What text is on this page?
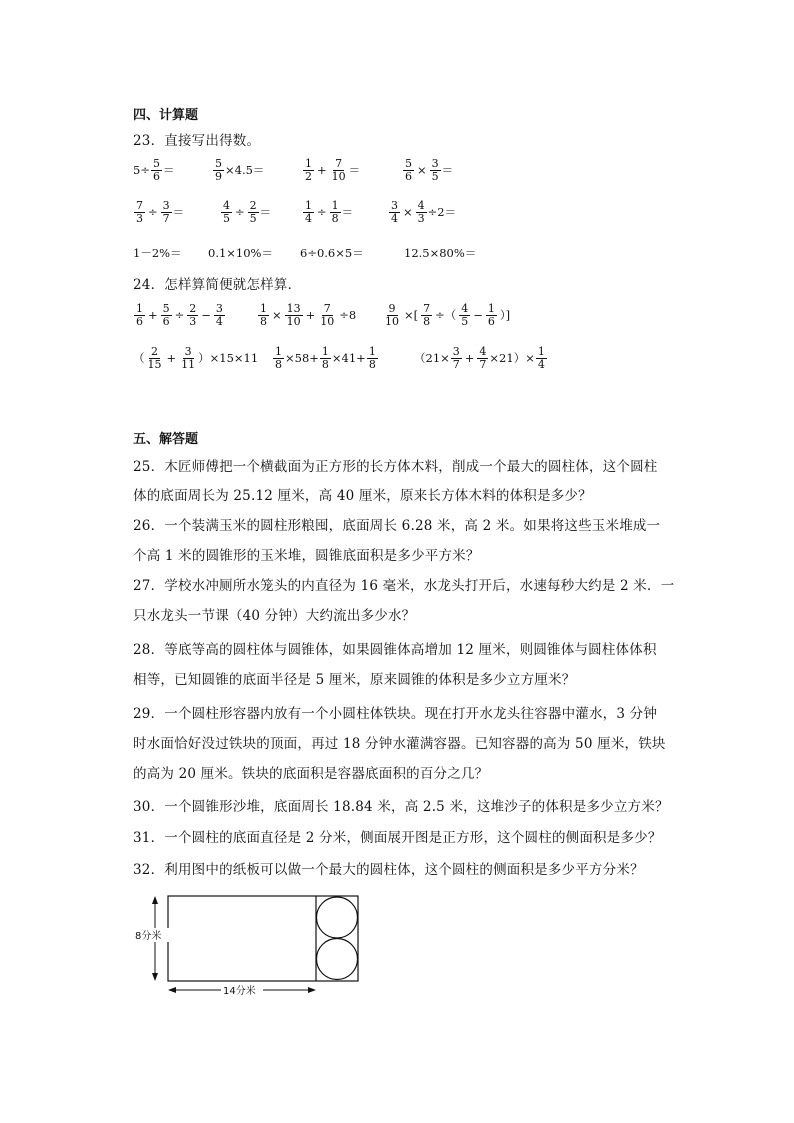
四、计算题
23．直接写出得数。
$5\div \frac{5}{6}$ ＝	$\frac{5}{9} \times 4.5=$	$\frac{1}{2} + \frac{7}{10}$ ＝	$\frac{5}{6} \times \frac{3}{5}$ ＝
$\frac{7}{3} \div \frac{3}{7}$ ＝	$\frac{4}{5} \div \frac{2}{5}$ ＝	$\frac{1}{4} \div \frac{1}{8}$ ＝	$\frac{3}{4} \times \frac{4}{3} \div 2=$
1－2%＝ 0.1×10%＝ 6÷0.6×5＝	12.5×80%＝
24．怎样算简便就怎样算．
$\frac{1}{6} + \frac{5}{6} \div \frac{2}{3} - \frac{3}{4}$	$\frac{1}{8} \times \frac{13}{10} + \frac{7}{10} \div 8 \frac{9}{10}$ ×[ $\frac{7}{8}$ ÷（ $\frac{4}{5} - \frac{1}{6}$ ）]
（ $\frac{2}{15} + \frac{3}{11} )\times 15\times 11 \frac{1}{8} \times 58+ \frac{1}{8} \times 41+ \frac{1}{8}$	$(21\times \frac{3}{7} + \frac{4}{7} \times 21)\times \frac{1}{4}$
五、解答题
25．木匠师傅把一个横截面为正方形的长方体木料，削成一个最大的圆柱体，这个圆柱
体的底面周长为 25.12 厘米，高 40 厘米，原来长方体木料的体积是多少？
26．一个装满玉米的圆柱形粮囤，底面周长 6.28 米，高 2 米。如果将这些玉米堆成一
个高 1 米的圆锥形的玉米堆，圆锥底面积是多少平方米？
27．学校水冲厕所水笼头的内直径为 16 毫米，水龙头打开后，水速每秒大约是 2 米．一
只水龙头一节课（40 分钟）大约流出多少水？
28．等底等高的圆柱体与圆锥体，如果圆锥体高增加 12 厘米，则圆锥体与圆柱体体积
相等，已知圆锥的底面半径是 5 厘米，原来圆锥的体积是多少立方厘米？
29．一个圆柱形容器内放有一个小圆柱体铁块。现在打开水龙头往容器中灌水，3 分钟
时水面恰好没过铁块的顶面，再过 18 分钟水灌满容器。已知容器的高为 50 厘米，铁块
的高为 20 厘米。铁块的底面积是容器底面积的百分之几？
30．一个圆锥形沙堆，底面周长 18.84 米，高 2.5 米，这堆沙子的体积是多少立方米？
31．一个圆柱的底面直径是 2 分米，侧面展开图是正方形，这个圆柱的侧面积是多少？
32．利用图中的纸板可以做一个最大的圆柱体，这个圆柱的侧面积是多少平方分米？
8分米
14分米
